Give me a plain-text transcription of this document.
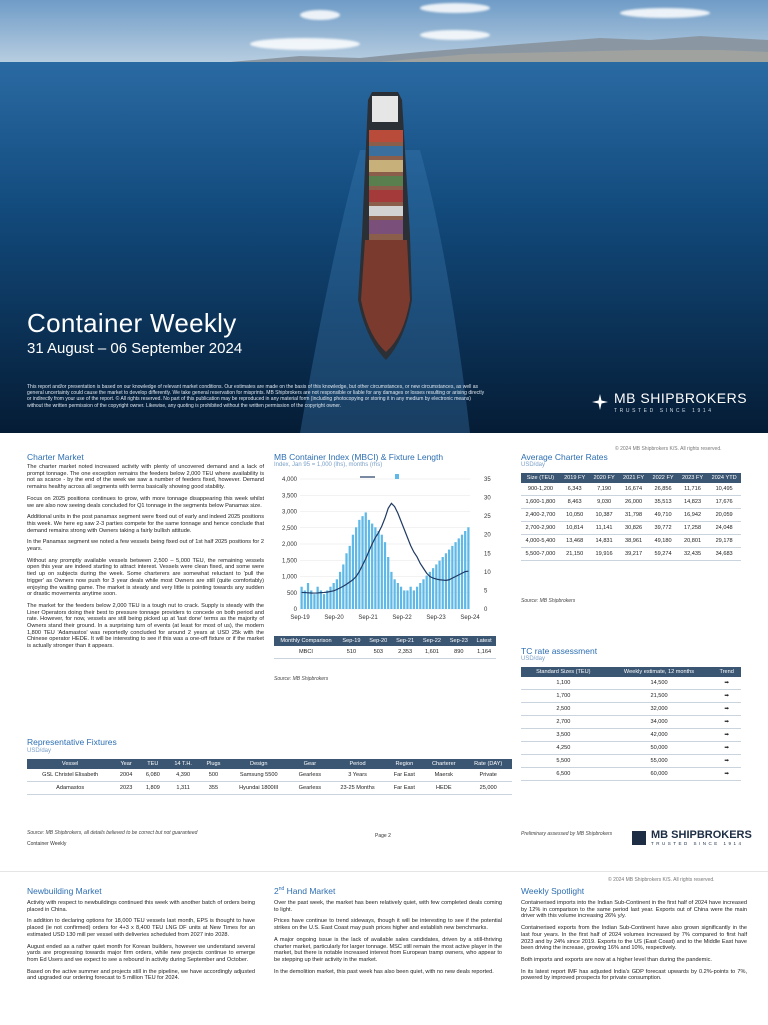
Container Weekly
31 August – 06 September 2024
This report and/or presentation is based on our knowledge of relevant market conditions. Our estimates are made on the basis of this knowledge, but other circumstances, or new circumstances, as well as general uncertainty could cause the market to develop differently. We take general reservation for misprints. MB Shipbrokers are not responsible or liable for any damages or losses resulting or arising directly or indirectly from your use of the report. © All rights reserved. No part of this publication may be reproduced in any material form (including photocopying or storing it in any medium by electronic means) without the written permission of the copyright owner. Likewise, any quoting is prohibited without the written permission of the copyright owner.	MB SHIPBROKERS
TRUSTED SINCE 1914
© 2024 MB Shipbrokers K/S. All rights reserved.
Charter Market

The charter market noted increased activity with plenty of uncovered demand and a lack of prompt tonnage. The one exception remains the feeders below 2,000 TEU where availability is not as scarce - by the end of the week we saw a number of feeders fixed, however. Demand remains healthy across all segments with terms basically showing good stability.

Focus on 2025 positions continues to grow, with more tonnage disappearing this week whilst we are also now seeing deals concluded for Q1 tonnage in the segments below Panamax size.

Additional units in the post panamax segment were fixed out of early and indeed 2025 positions this week. We here eg saw 2-3 parties compete for the same tonnage and hence conclude that demand remains strong with Owners taking a fairly bullish attitude.

In the Panamax segment we noted a few vessels being fixed out of 1st half 2025 positions for 2 years.

Without any promptly available vessels between 2,500 – 5,000 TEU, the remaining vessels open this year are indeed starting to attract interest. Vessels were clean fixed, and some were tied up on subjects during the week. Some charterers are somewhat reluctant to 'pull the trigger' as Owners now push for 3 year deals while most Owners are still (quite comfortably) enjoying the waiting game. The market is steady and very little is pointing towards any sudden or drastic movements anytime soon.

The market for the feeders below 2,000 TEU is a tough nut to crack. Supply is steady with the Liner Operators doing their best to pressure tonnage providers to concede on both period and rate. However, for now, vessels are still being picked up at 'last done' terms as the majority of Owners stand their ground. In a surprising turn of events (at least for most of us), the modern 1,800 TEU 'Adamastos' was reportedly concluded for around 2 years at USD 25k with the Chinese operator HEDE. It will be interesting to see if this was a one-off fixture or if the market is actually stronger than it appears.

MB Container Index (MBCI) & Fixture Length
Index, Jan 95 = 1,000 (lhs), months (rhs)
4,000
3,500
3,000
2,500
2,000
1,500
1,000
500
0
35
30
25
20
15
10
5
0
Sep-19 Sep-20 Sep-21 Sep-22 Sep-23 Sep-24
Monthly Comparison	Sep-19	Sep-20	Sep-21	Sep-22	Sep-23	Latest
MBCI	510	503	2,353	1,601	890	1,164
Source: MB Shipbrokers
Average Charter Rates
USD/day
Size (TEU)	2019 FY	2020 FY	2021 FY	2022 FY	2023 FY	2024 YTD
900-1,200	6,343	7,190	16,674	26,856	11,716	10,495
1,600-1,800	8,463	9,030	26,000	35,513	14,823	17,676
2,400-2,700	10,050	10,387	31,798	49,710	16,942	20,059
2,700-2,900	10,814	11,141	30,826	39,772	17,258	24,048
4,000-5,400	13,468	14,831	38,961	49,180	20,801	29,178
5,500-7,000	21,150	19,916	39,217	59,274	32,435	34,683
Source: MB Shipbrokers
TC rate assessment
USD/day
Standard Sizes (TEU)	Weekly estimate, 12 months	Trend
1,100	14,500	➡
1,700	21,500	➡
2,500	32,000	➡
2,700	34,000	➡
3,500	42,000	➡
4,250	50,000	➡
5,500	55,000	➡
6,500	60,000	➡
Preliminary assessed by MB Shipbrokers
Representative Fixtures
USD/day
Vessel	Year	TEU	14 T.H.	Plugs	Design	Gear	Period	Region	Charterer	Rate (DAY)
GSL Christel Elisabeth	2004	6,080	4,390	500	Samsung 5500	Gearless	3 Years	Far East	Maersk	Private
Adamastos	2023	1,809	1,311	355	Hyundai 1800III	Gearless	23-25 Months	Far East	HEDE	25,000
Source: MB Shipbrokers, all details believed to be correct but not guaranteed	Page 2
Container Weekly
MB SHIPBROKERS
TRUSTED SINCE 1914
© 2024 MB Shipbrokers K/S. All rights reserved.
Newbuilding Market

Activity with respect to newbuildings continued this week with another batch of orders being placed in China.

In addition to declaring options for 18,000 TEU vessels last month, EPS is thought to have placed (ie not confirmed) orders for 4+3 x 8,400 TEU LNG DF units at New Times for an estimated USD 130 mill per vessel with deliveries scheduled from 2027 into 2028.

August ended as a rather quiet month for Korean builders, however we understand several yards are progressing towards major firm orders, while new projects continue to emerge from Ed Users and we expect to see a rebound in activity during September and October.

Based on the active summer and projects still in the pipeline, we have accordingly adjusted and upgraded our ordering forecast to 5 million TEU for 2024.

2nd Hand Market

Over the past week, the market has been relatively quiet, with few completed deals coming to light.

Prices have continue to trend sideways, though it will be interesting to see if the potential strikes on the U.S. East Coast may push prices higher and establish new benchmarks.

A major ongoing issue is the lack of available sales candidates, driven by a still-thriving charter market, particularly for larger tonnage. MSC still remain the most active player in the market, but there is notable increased interest from European tramp owners, who appear to be stepping up their activity in the market.

In the demolition market, this past week has also been quiet, with no new deals reported.

Weekly Spotlight

Containerised imports into the Indian Sub-Continent in the first half of 2024 have increased by 12% in comparison to the same period last year. Exports out of China were the main driver with this volume increasing 26% y/y.

Containerised exports from the Indian Sub-Continent have also grown significantly in the last four years. In the first half of 2024 volumes increased by 7% compared to first half 2023 and by 24% since 2019. Exports to the US (East Coast) and to the Middle East have been driving the increase, growing 16% and 10%, respectively.

Both imports and exports are now at a higher level than during the pandemic.

In its latest report IMF has adjusted India's GDP forecast upwards by 0.2%-points to 7%, powered by improved prospects for private consumption.
